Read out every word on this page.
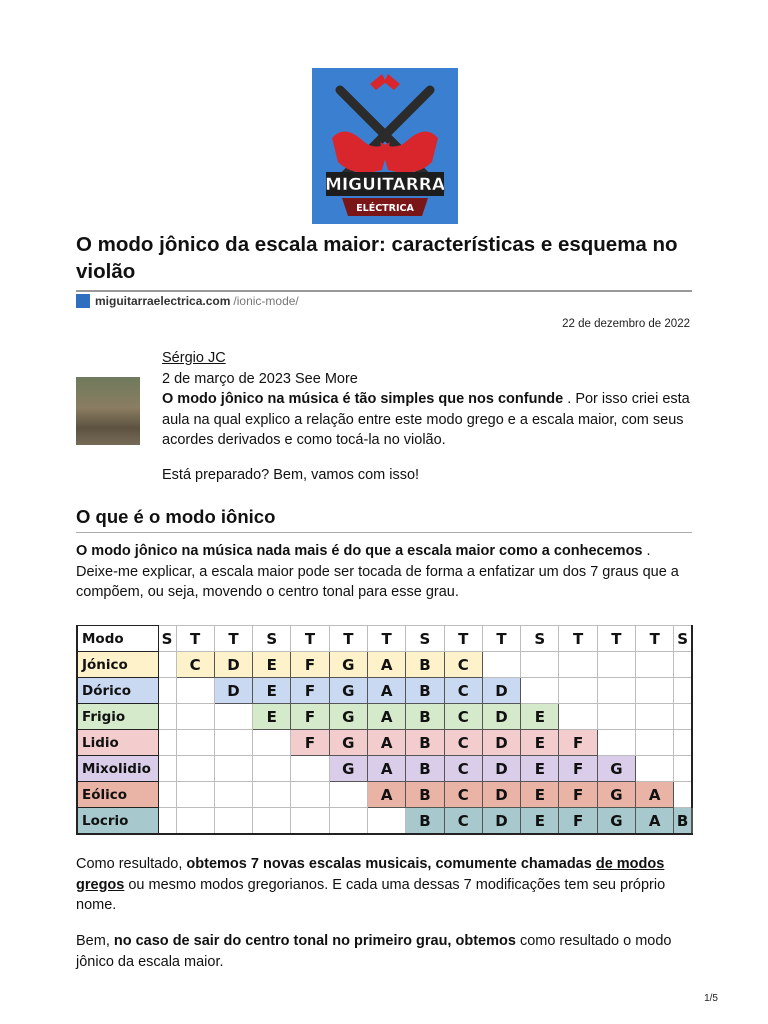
MIGUITARRA
ELÉCTRICA
O modo jônico da escala maior: características e esquema no violão
miguitarraelectrica.com /ionic-mode/
22 de dezembro de 2022

Sérgio JC

2 de março de 2023 See More

O modo jônico na música é tão simples que nos confunde . Por isso criei esta aula na qual explico a relação entre este modo grego e a escala maior, com seus acordes derivados e como tocá-la no violão.

Está preparado? Bem, vamos com isso!

O que é o modo iônico

O modo jônico na música nada mais é do que a escala maior como a conhecemos . Deixe-me explicar, a escala maior pode ser tocada de forma a enfatizar um dos 7 graus que a compõem, ou seja, movendo o centro tonal para esse grau.

Modo	S	T	T	S	T	T	T	S	T	T	S	T	T	T	S
Jónico		C	D	E	F	G	A	B	C						
Dórico			D	E	F	G	A	B	C	D					
Frigio				E	F	G	A	B	C	D	E				
Lidio					F	G	A	B	C	D	E	F			
Mixolidio						G	A	B	C	D	E	F	G		
Eólico							A	B	C	D	E	F	G	A	
Locrio								B	C	D	E	F	G	A	B

Como resultado, obtemos 7 novas escalas musicais, comumente chamadas de modos gregos ou mesmo modos gregorianos. E cada uma dessas 7 modificações tem seu próprio nome.

Bem, no caso de sair do centro tonal no primeiro grau, obtemos como resultado o modo jônico da escala maior.

1/5
